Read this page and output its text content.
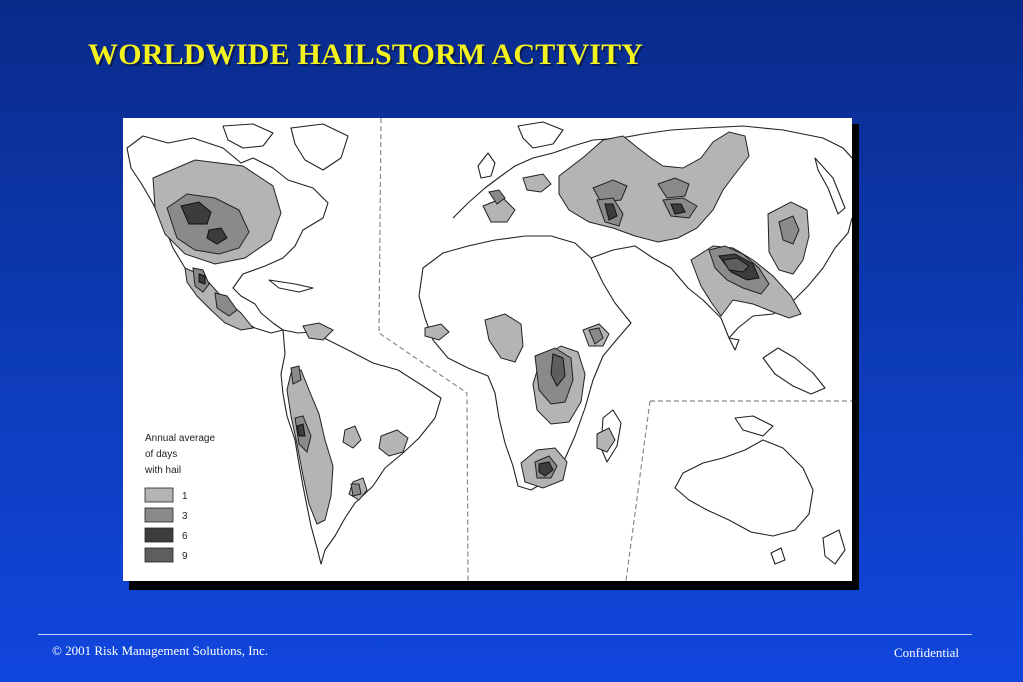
WORLDWIDE HAILSTORM ACTIVITY
Annual average
of days
with hail
1
3
6
9
© 2001 Risk Management Solutions, Inc.	Confidential
